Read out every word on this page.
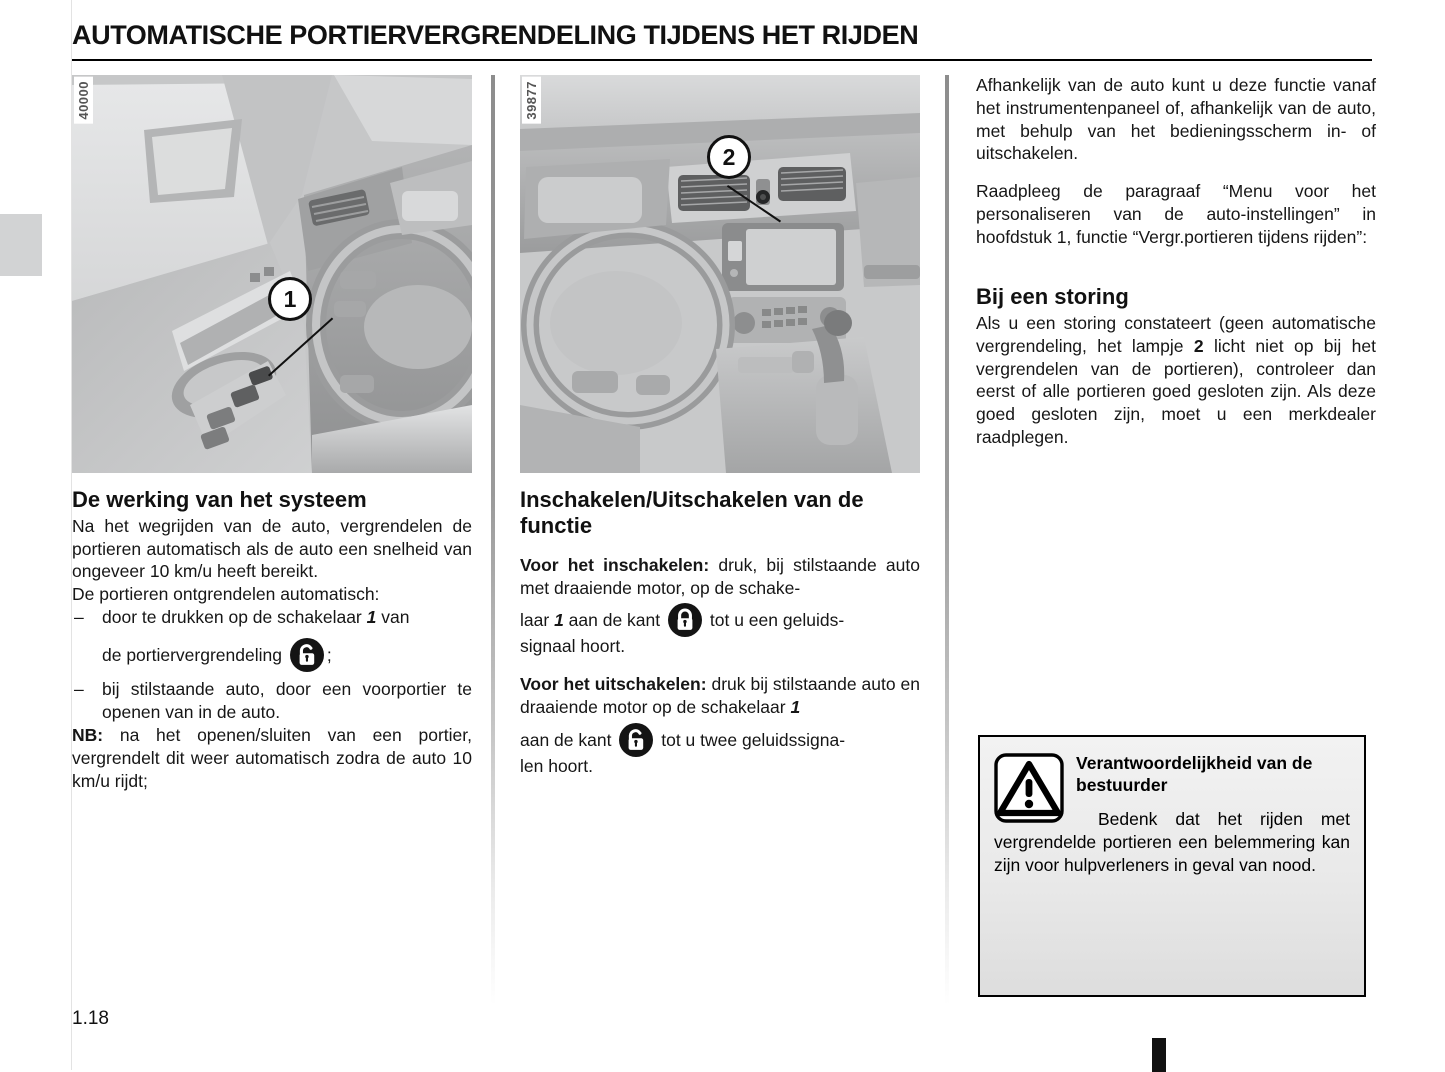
AUTOMATISCHE PORTIERVERGRENDELING TIJDENS HET RIJDEN
40000
1
De werking van het systeem

Na het wegrijden van de auto, vergrendelen de portieren automatisch als de auto een snelheid van ongeveer 10 km/u heeft bereikt.

De portieren ontgrendelen automatisch:

– door te drukken op de schakelaar 1 van
de portiervergrendeling	;
– bij stilstaande auto, door een voorportier te openen van in de auto.

NB: na het openen/sluiten van een portier, vergrendelt dit weer automatisch zodra de auto 10 km/u rijdt;

39877
2
Inschakelen/Uitschakelen van de functie

Voor het inschakelen: druk, bij stilstaande auto met draaiende motor, op de schake-

laar 1 aan de kant	tot u een geluids-

signaal hoort.

Voor het uitschakelen: druk bij stilstaande auto en draaiende motor op de schakelaar 1

aan de kant	tot u twee geluidssigna-

len hoort.

Afhankelijk van de auto kunt u deze functie vanaf het instrumentenpaneel of, afhankelijk van de auto, met behulp van het bedieningsscherm in- of uitschakelen.

Raadpleeg de paragraaf “Menu voor het personaliseren van de auto-instellingen” in hoofdstuk 1, functie “Vergr.portieren tijdens rijden”:

Bij een storing

Als u een storing constateert (geen automatische vergrendeling, het lampje 2 licht niet op bij het vergrendelen van de portieren), controleer dan eerst of alle portieren goed gesloten zijn. Als deze goed gesloten zijn, moet u een merkdealer raadplegen.

Verantwoordelijkheid van de bestuurder

Bedenk dat het rijden met vergrendelde portieren een belemmering kan zijn voor hulpverleners in geval van nood.

1.18
